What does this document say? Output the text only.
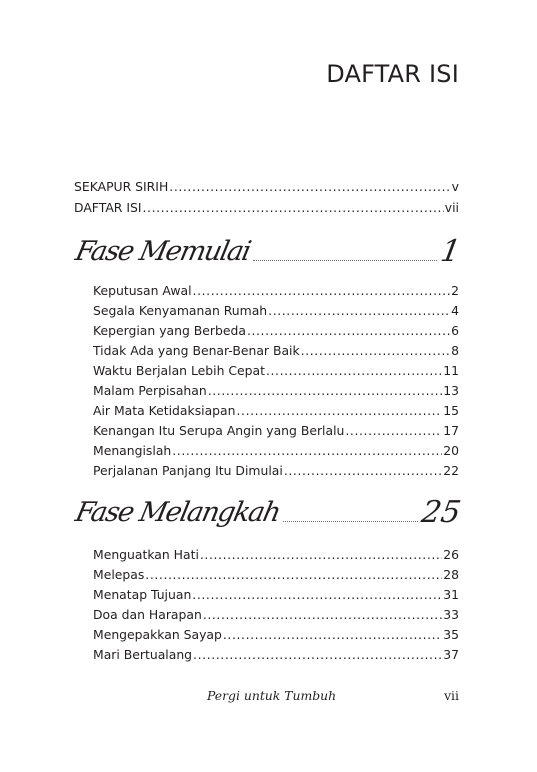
DAFTAR ISI
SEKAPUR SIRIH .....	v
DAFTAR ISI .....	vii
Fase Memulai	1
Keputusan Awal .....	2
Segala Kenyamanan Rumah .....	4
Kepergian yang Berbeda .....	6
Tidak Ada yang Benar-Benar Baik .....	8
Waktu Berjalan Lebih Cepat .....	11
Malam Perpisahan .....	13
Air Mata Ketidaksiapan .....	15
Kenangan Itu Serupa Angin yang Berlalu .....	17
Menangislah .....	20
Perjalanan Panjang Itu Dimulai .....	22
Fase Melangkah	25
Menguatkan Hati .....	26
Melepas .....	28
Menatap Tujuan .....	31
Doa dan Harapan .....	33
Mengepakkan Sayap .....	35
Mari Bertualang .....	37
Pergi untuk Tumbuh	vii
